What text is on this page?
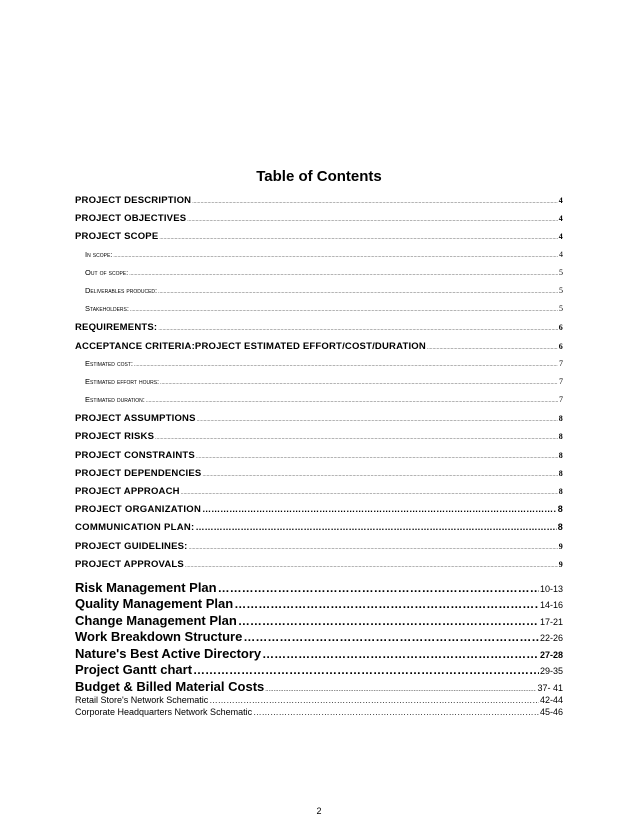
Table of Contents
PROJECT DESCRIPTION .....	4
PROJECT OBJECTIVES .....	4
PROJECT SCOPE .....	4
In scope: .....	4
Out of scope: .....	5
Deliverables produced: .....	5
Stakeholders: .....	5
REQUIREMENTS: .....	6
ACCEPTANCE CRITERIA:PROJECT ESTIMATED EFFORT/COST/DURATION .....	6
Estimated cost: .....	7
Estimated effort hours: .....	7
Estimated duration: .....	7
PROJECT ASSUMPTIONS .....	8
PROJECT RISKS .....	8
PROJECT CONSTRAINTS .....	8
PROJECT DEPENDENCIES .....	8
PROJECT APPROACH .....	8
PROJECT ORGANIZATION …………………………………………………………………………………………………………………………………………………………………………	8
COMMUNICATION PLAN: …………………………………………………………………………………………………………………………………………………………………………	8
PROJECT GUIDELINES: .....	9
PROJECT APPROVALS .....	9
Risk Management Plan ………………………………………………………………………………………………………………………………………………	10-13
Quality Management Plan ………………………………………………………………………………………………………………………………………………	14-16
Change Management Plan ………………………………………………………………………………………………………………………………………………	17-21
Work Breakdown Structure ………………………………………………………………………………………………………………………………………………	22-26
Nature's Best Active Directory ………………………………………………………………………………………………………………………………………………	27-28
Project Gantt chart ………………………………………………………………………………………………………………………………………………	29-35
Budget & Billed Material Costs .....	37- 41
Retail Store's Network Schematic ……………………………………………………………………………………………………………………………………………………………………	42-44
Corporate Headquarters Network Schematic ……………………………………………………………………………………………………………………………………………………………………	45-46
2
